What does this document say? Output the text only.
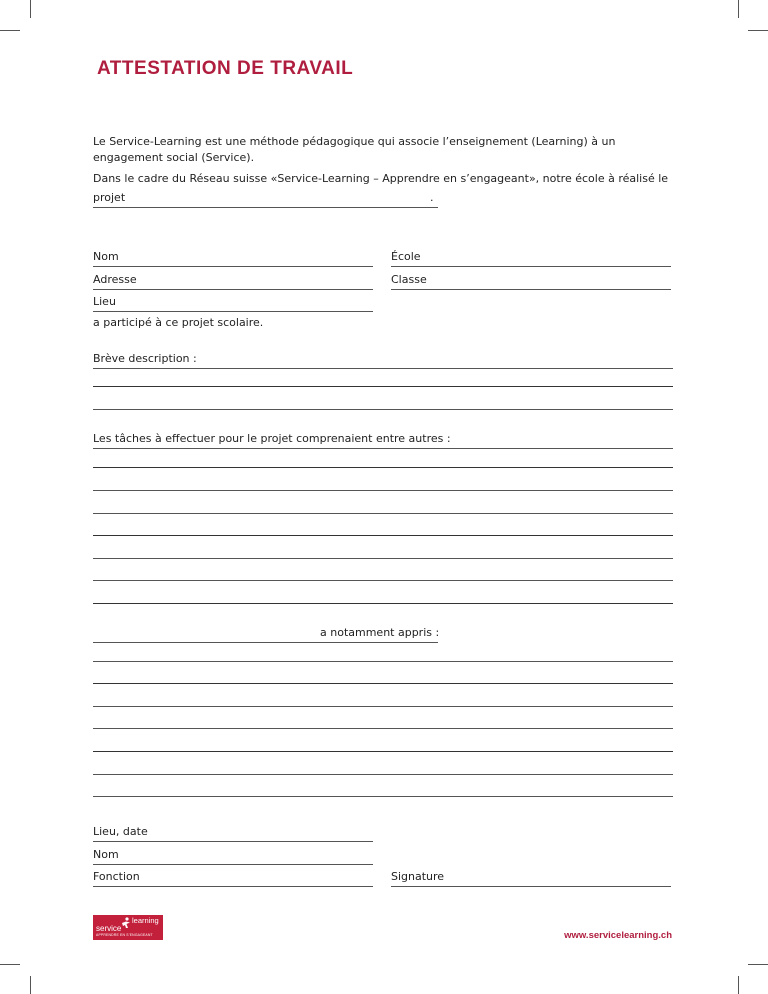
ATTESTATION DE TRAVAIL

Le Service-Learning est une méthode pédagogique qui associe l’enseignement (Learning) à un engagement social (Service).

Dans le cadre du Réseau suisse «Service-Learning – Apprendre en s’engageant», notre école à réalisé le

projet	.
Nom	École
Adresse	Classe
Lieu
a participé à ce projet scolaire.
Brève description :
Les tâches à effectuer pour le projet comprenaient entre autres :
a notamment appris :
Lieu, date
Nom
Fonction	Signature
service
learning
APPRENDRE EN S’ENGAGEANT	www.servicelearning.ch
